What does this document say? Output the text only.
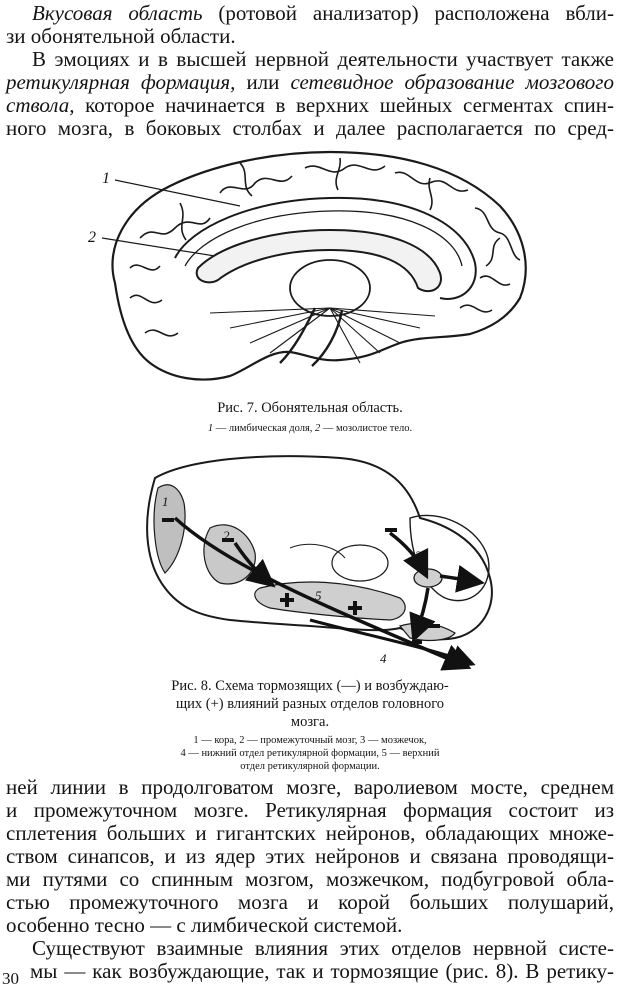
Вкусовая область (ротовой анализатор) расположена вбли-
зи обонятельной области.
В эмоциях и в высшей нервной деятельности участвует также
ретикулярная формация, или сетевидное образование мозгового
ствола, которое начинается в верхних шейных сегментах спин-
ного мозга, в боковых столбах и далее располагается по сред-
1
2
Рис. 7. Обонятельная область.
1 — лимбическая доля, 2 — мозолистое тело.
1
2
3
4
5
Рис. 8. Схема тормозящих (—) и возбуждаю-
щих (+) влияний разных отделов головного
мозга.
1 — кора, 2 — промежуточный мозг, 3 — мозжечок,
4 — нижний отдел ретикулярной формации, 5 — верхний
отдел ретикулярной формации.
ней линии в продолговатом мозге, варолиевом мосте, среднем
и промежуточном мозге. Ретикулярная формация состоит из
сплетения больших и гигантских нейронов, обладающих множе-
ством синапсов, и из ядер этих нейронов и связана проводящи-
ми путями со спинным мозгом, мозжечком, подбугровой обла-
стью промежуточного мозга и корой больших полушарий,
особенно тесно — с лимбической системой.
Существуют взаимные влияния этих отделов нервной систе-
мы — как возбуждающие, так и тормозящие (рис. 8). В ретику-
30
